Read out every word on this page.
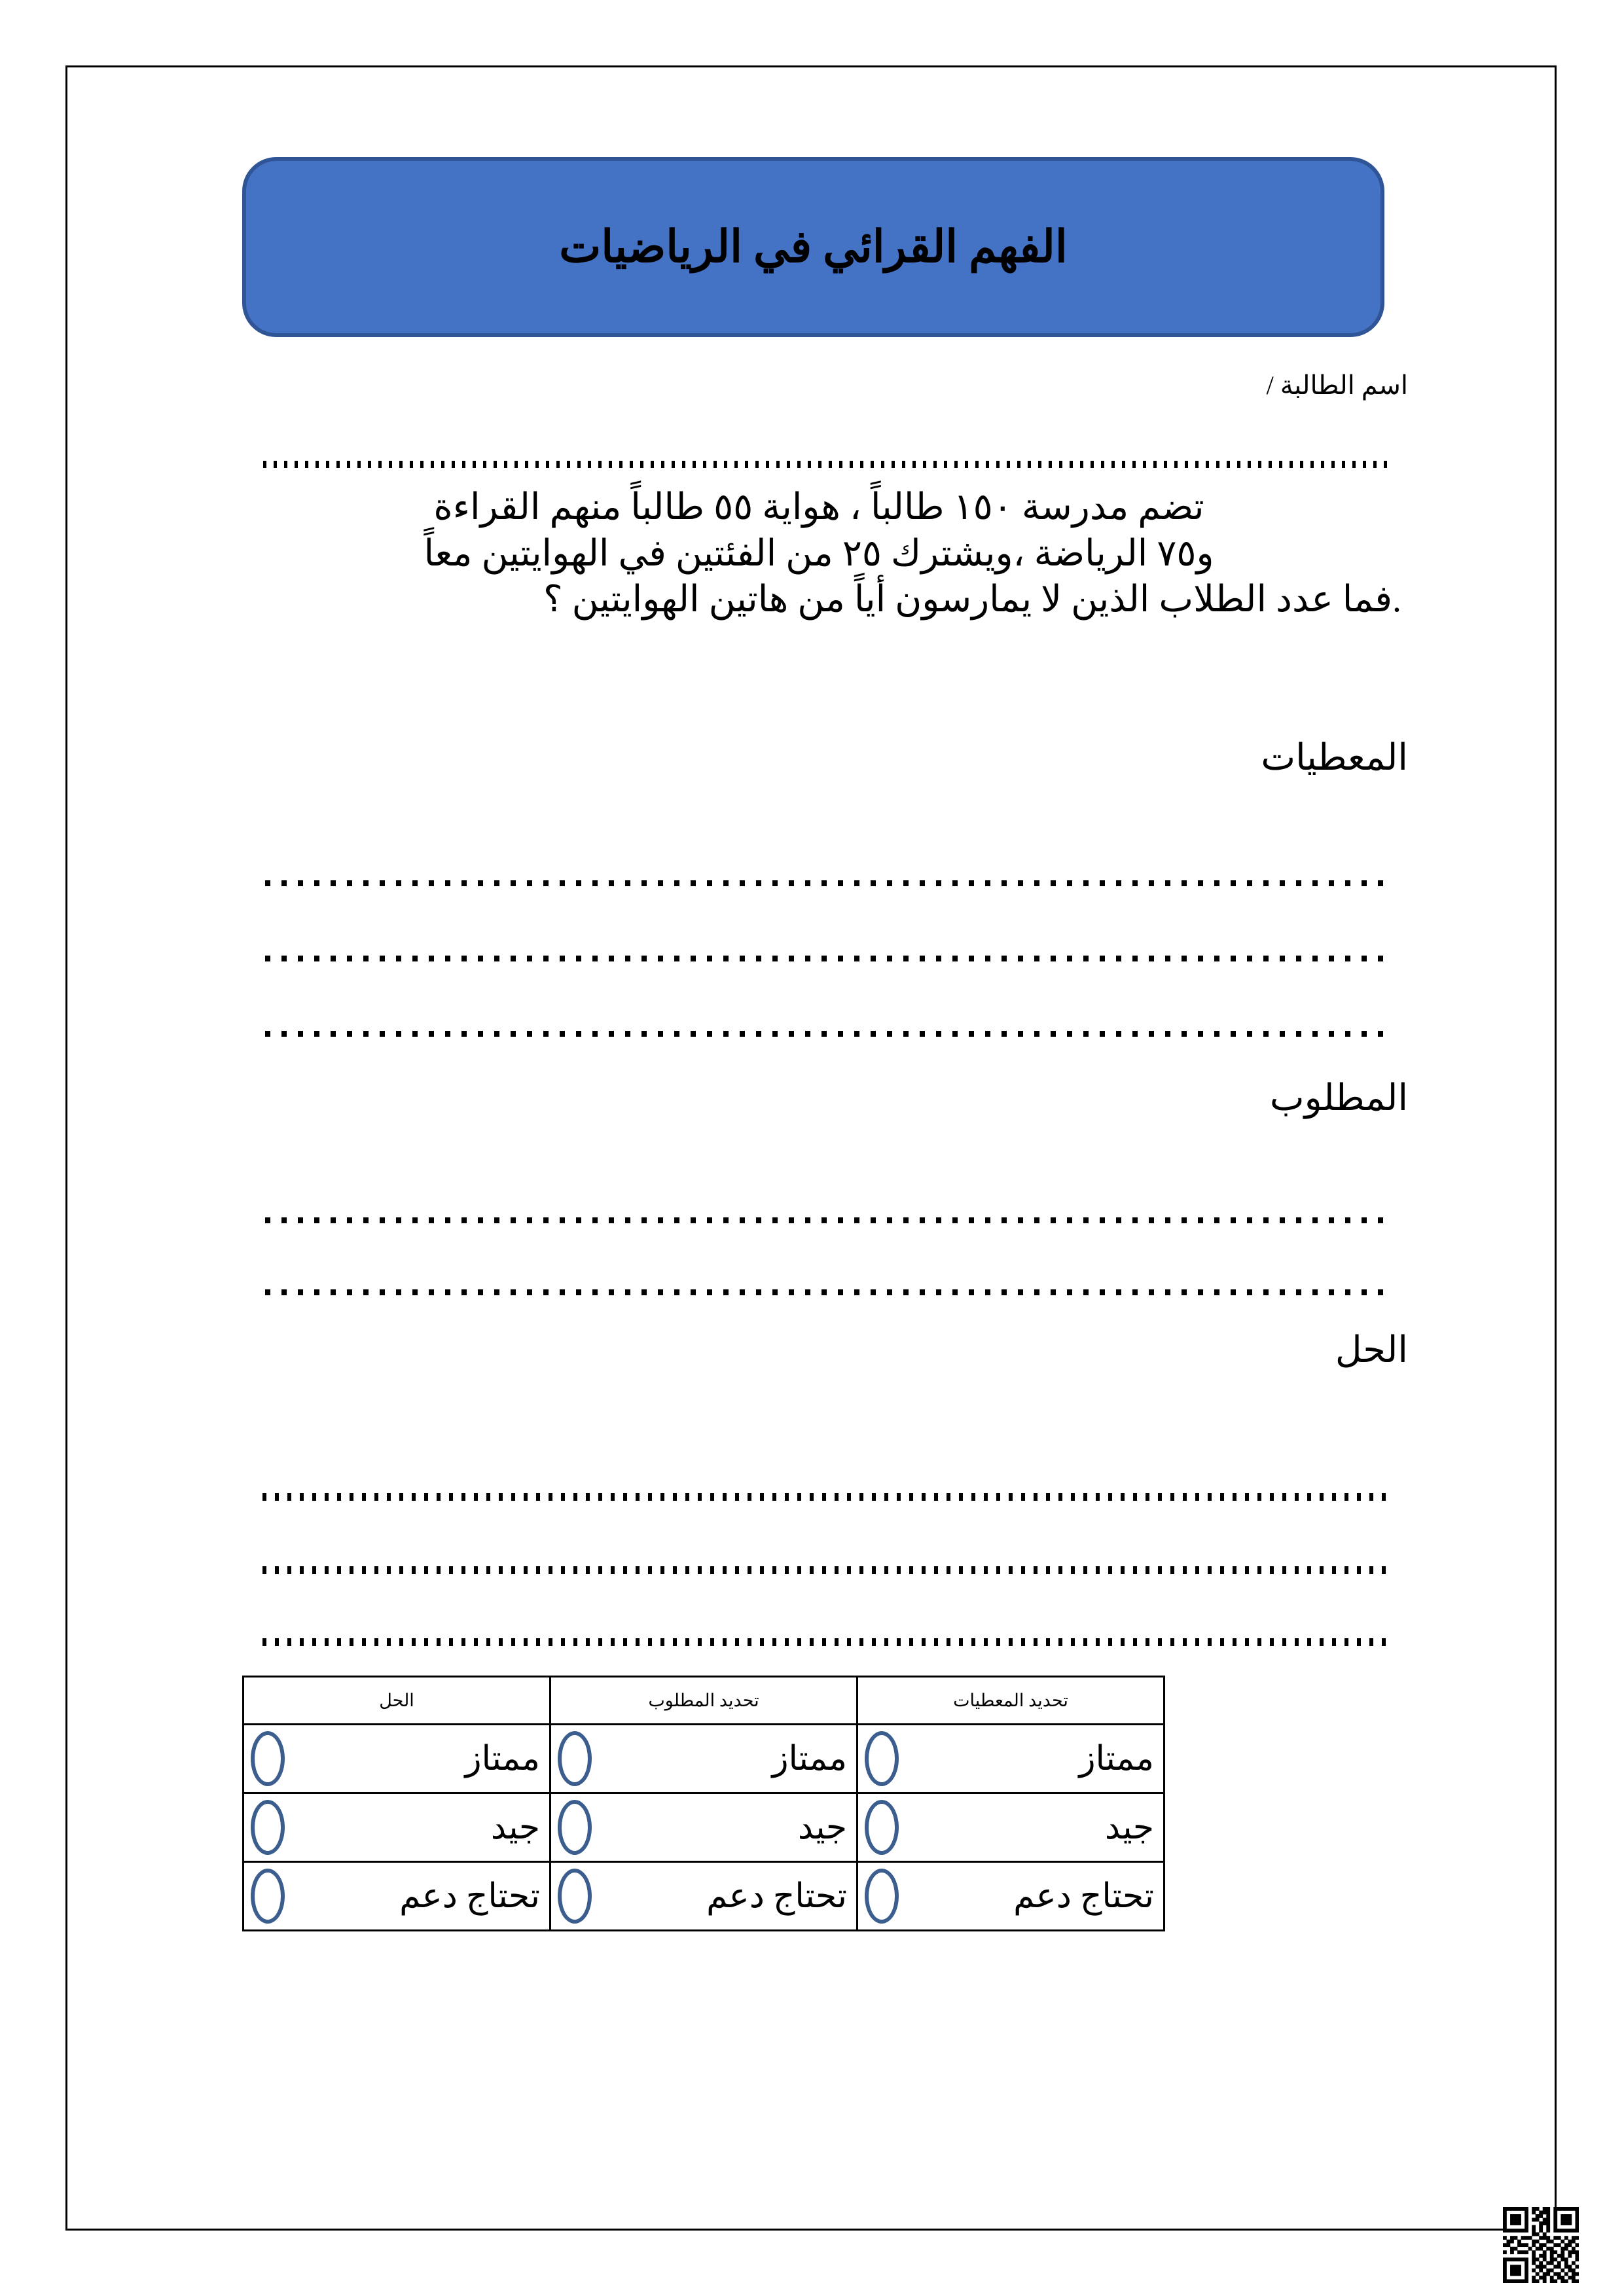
الفهم القرائي في الرياضيات
اسم الطالبة /
تضم مدرسة ١٥٠ طالباً ، هواية ٥٥ طالباً منهم القراءة
و٧٥ الرياضة ،ويشترك ٢٥ من الفئتين في الهوايتين معاً
.فما عدد الطلاب الذين لا يمارسون أياً من هاتين الهوايتين ؟
المعطيات
المطلوب
الحل
تحديد المعطيات	تحديد المطلوب	الحل

ممتاز	ممتاز	ممتاز

جيد	جيد	جيد

تحتاج دعم	تحتاج دعم	تحتاج دعم
